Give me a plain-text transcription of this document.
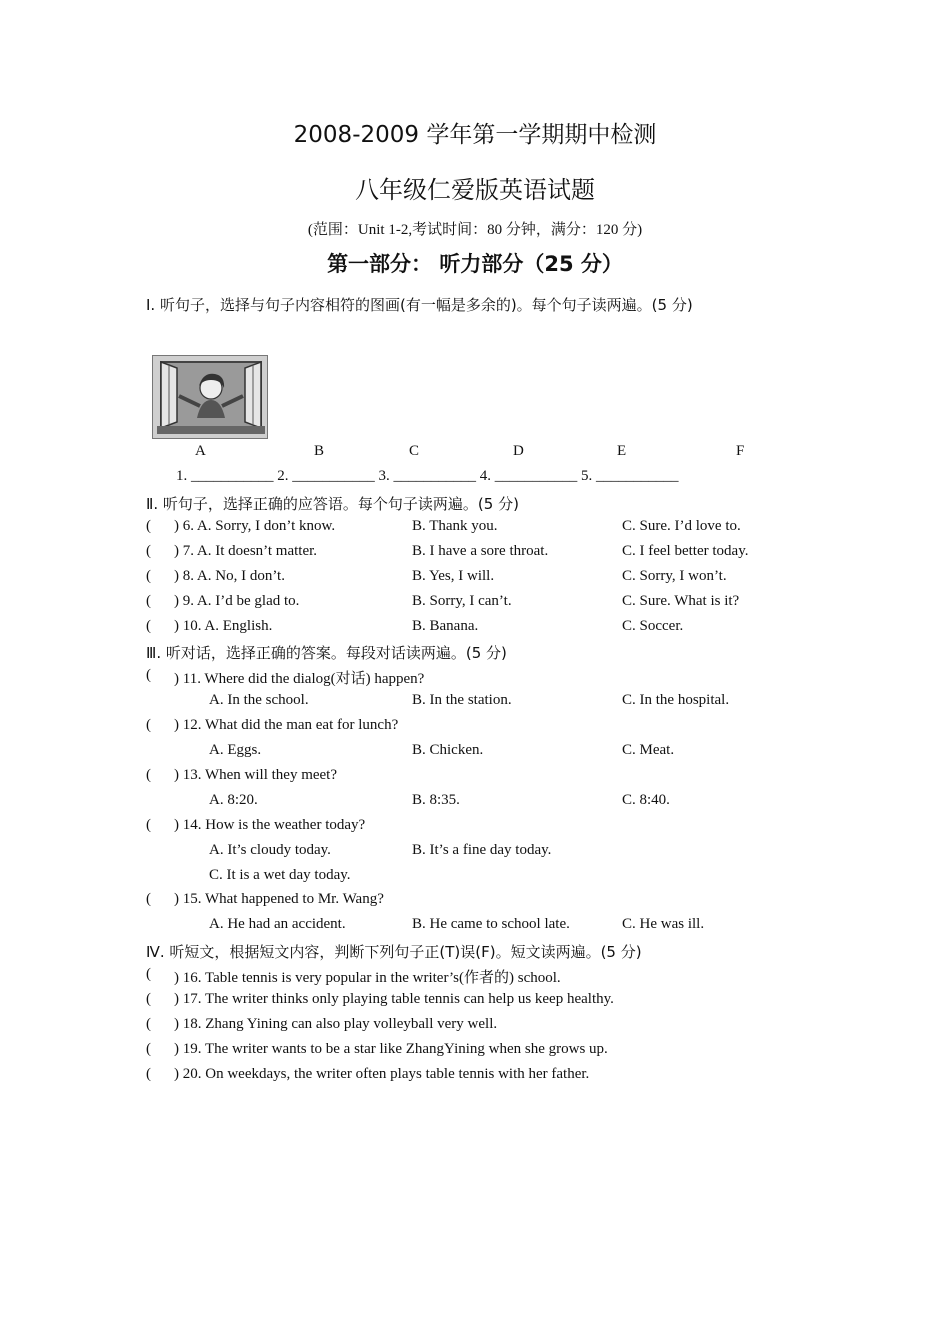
2008-2009 学年第一学期期中检测
八年级仁爱版英语试题
(范围：Unit 1-2,考试时间：80 分钟，满分：120 分)
第一部分： 听力部分（25 分）
Ⅰ. 听句子，选择与句子内容相符的图画(有一幅是多余的)。每个句子读两遍。(5 分)
A	B	C	D	E	F
1. ___________ 2. ___________ 3. ___________ 4. ___________ 5. ___________
Ⅱ. 听句子，选择正确的应答语。每个句子读两遍。(5 分)
( ) 6. A. Sorry, I don’t know.	B. Thank you.	C. Sure. I’d love to.
( ) 7. A. It doesn’t matter.	B. I have a sore throat.	C. I feel better today.
( ) 8. A. No, I don’t.	B. Yes, I will.	C. Sorry, I won’t.
( ) 9. A. I’d be glad to.	B. Sorry, I can’t.	C. Sure. What is it?
( ) 10. A. English.	B. Banana.	C. Soccer.
Ⅲ. 听对话，选择正确的答案。每段对话读两遍。(5 分)
( ) 11. Where did the dialog(对话) happen?
A. In the school.	B. In the station.	C. In the hospital.
( ) 12. What did the man eat for lunch?
A. Eggs.	B. Chicken.	C. Meat.
( ) 13. When will they meet?
A. 8:20.	B. 8:35.	C. 8:40.
( ) 14. How is the weather today?
A. It’s cloudy today.	B. It’s a fine day today.
C. It is a wet day today.
( ) 15. What happened to Mr. Wang?
A. He had an accident.	B. He came to school late.	C. He was ill.
Ⅳ. 听短文，根据短文内容，判断下列句子正(T)误(F)。短文读两遍。(5 分)
( ) 16. Table tennis is very popular in the writer’s(作者的) school.
( ) 17. The writer thinks only playing table tennis can help us keep healthy.
( ) 18. Zhang Yining can also play volleyball very well.
( ) 19. The writer wants to be a star like ZhangYining when she grows up.
( ) 20. On weekdays, the writer often plays table tennis with her father.
